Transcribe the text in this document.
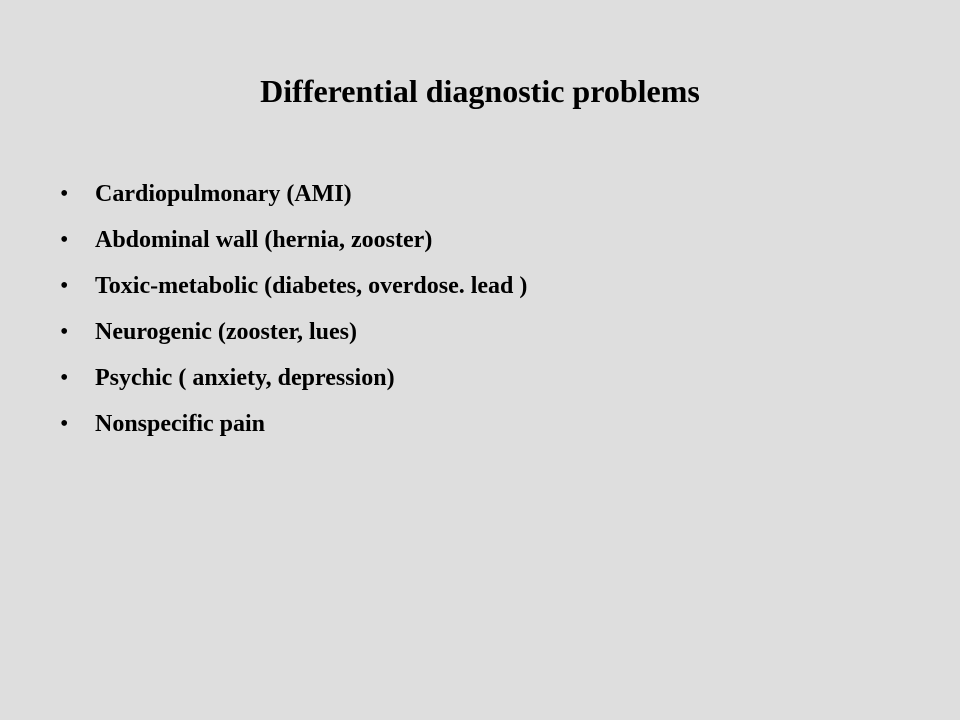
Differential diagnostic problems
• Cardiopulmonary (AMI)
• Abdominal wall (hernia, zooster)
• Toxic-metabolic (diabetes, overdose. lead )
• Neurogenic (zooster, lues)
• Psychic ( anxiety, depression)
• Nonspecific pain
